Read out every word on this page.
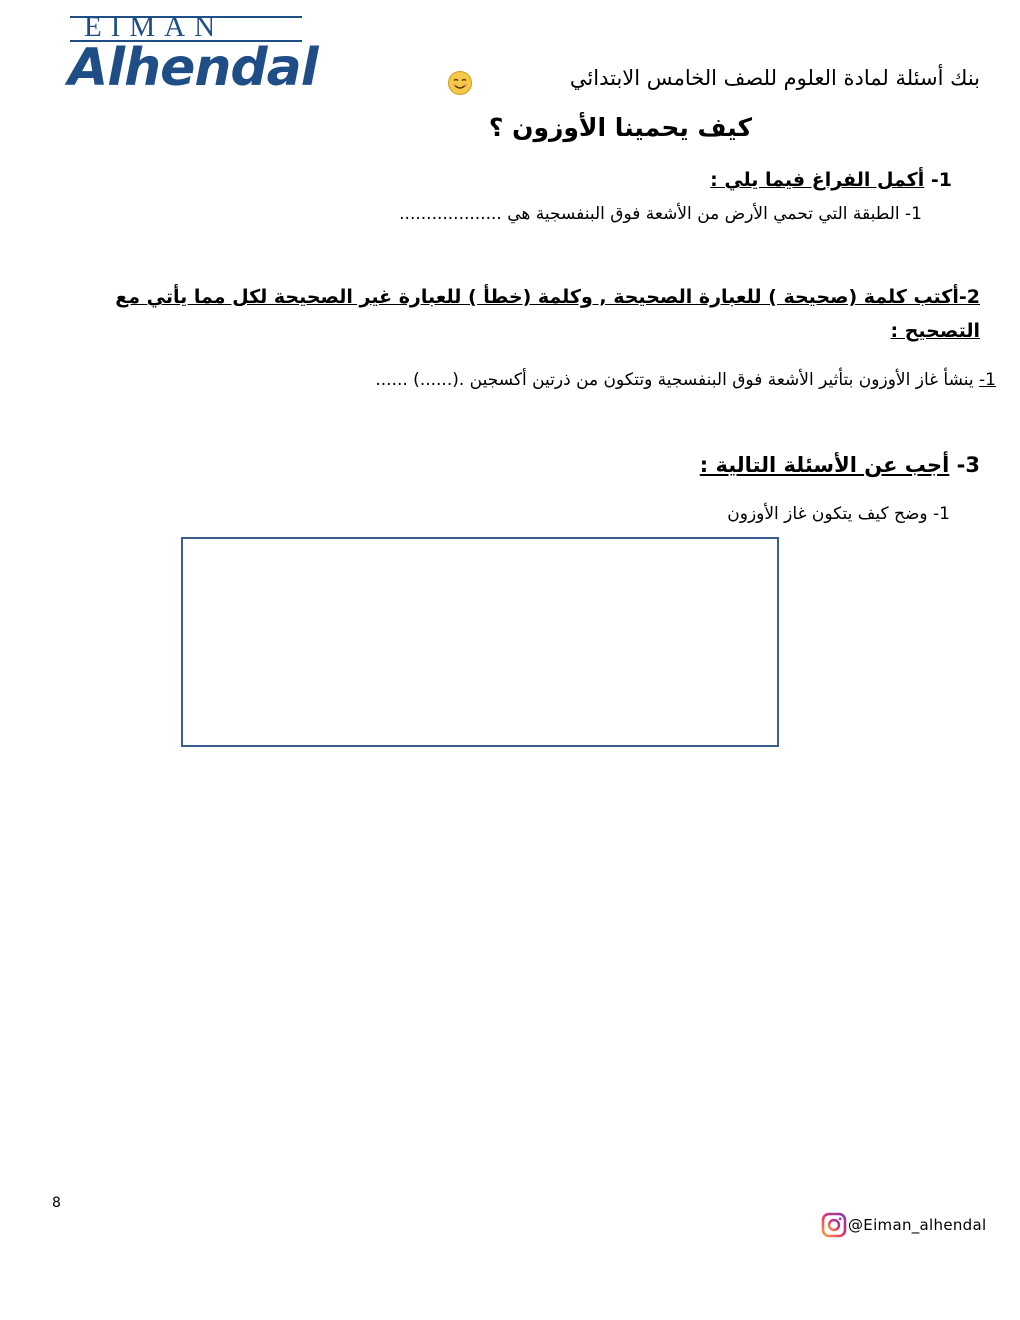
EIMAN
Alhendal	بنك أسئلة لمادة العلوم للصف الخامس الابتدائي
كيف يحمينا الأوزون ؟
1- أكمل الفراغ فيما يلي :
1- الطبقة التي تحمي الأرض من الأشعة فوق البنفسجية هي ...................
2-أكتب كلمة (صحيحة ) للعبارة الصحيحة , وكلمة (خطأ ) للعبارة غير الصحيحة لكل مما يأتي مع
التصحيح :
1- ينشأ غاز الأوزون بتأثير الأشعة فوق البنفسجية وتتكون من ذرتين أكسجين .(......) ......
3- أجب عن الأسئلة التالية :
1- وضح كيف يتكون غاز الأوزون
8
@Eiman_alhendal
